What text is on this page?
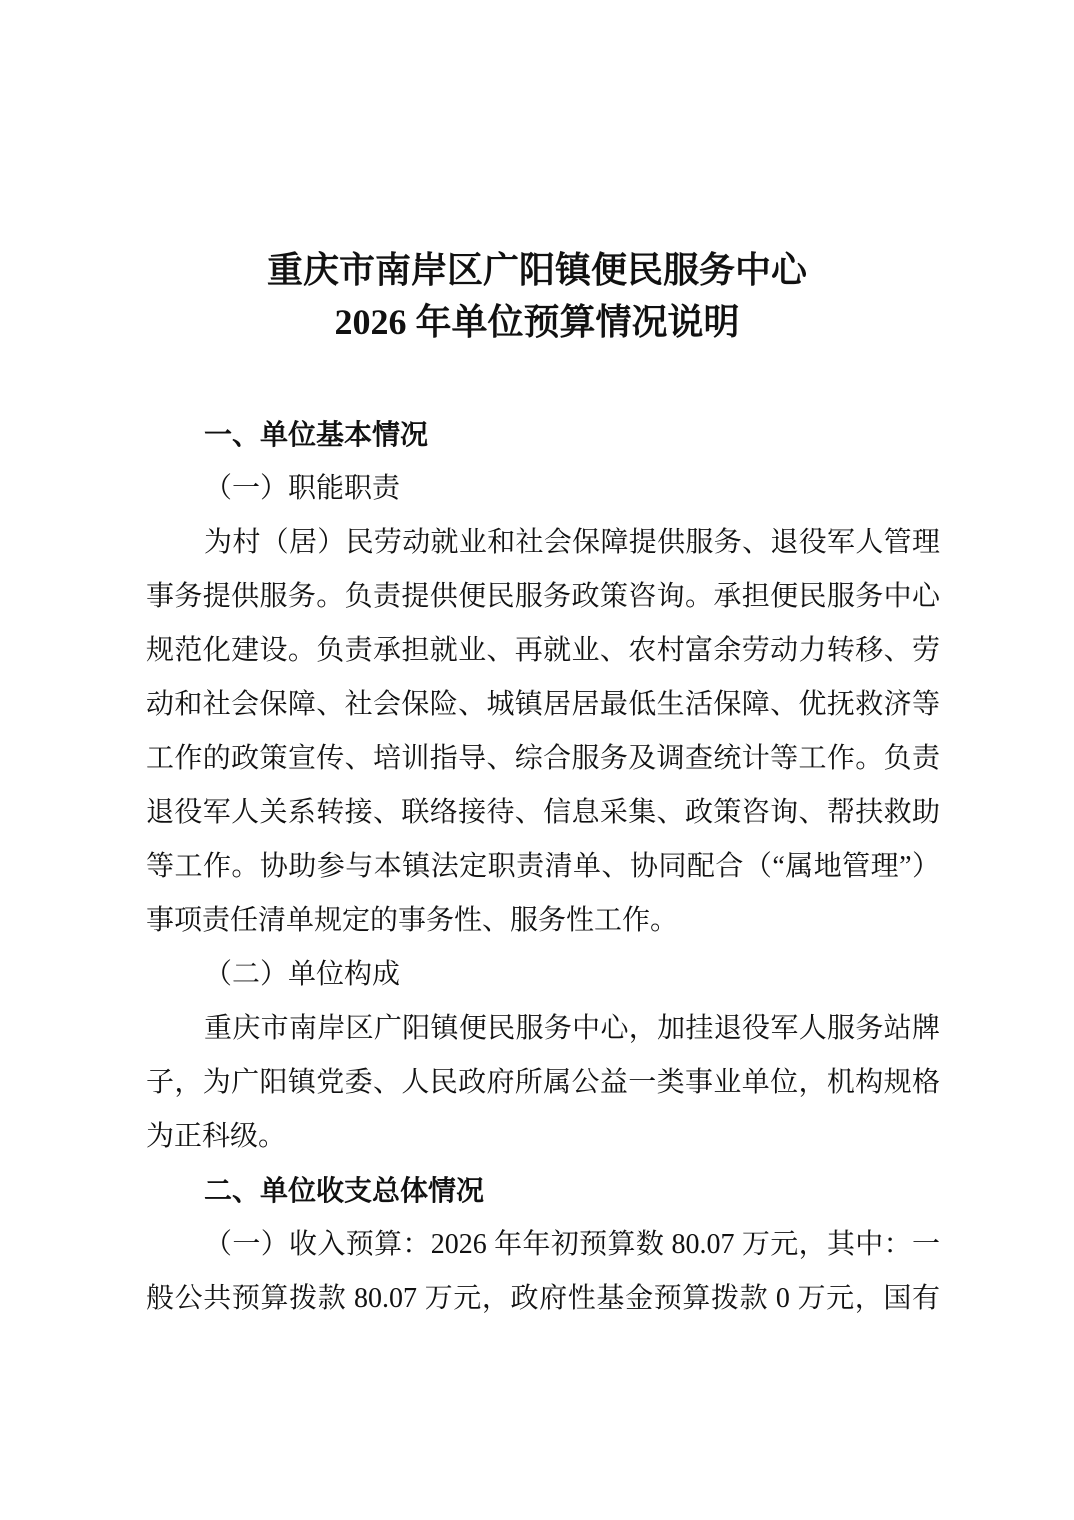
重庆市南岸区广阳镇便民服务中心
2026 年单位预算情况说明
一、单位基本情况
（一）职能职责
为村（居）民劳动就业和社会保障提供服务、退役军人管理
事务提供服务。负责提供便民服务政策咨询。承担便民服务中心
规范化建设。负责承担就业、再就业、农村富余劳动力转移、劳
动和社会保障、社会保险、城镇居居最低生活保障、优抚救济等
工作的政策宣传、培训指导、综合服务及调查统计等工作。负责
退役军人关系转接、联络接待、信息采集、政策咨询、帮扶救助
等工作。协助参与本镇法定职责清单、协同配合（“属地管理”）
事项责任清单规定的事务性、服务性工作。
（二）单位构成
重庆市南岸区广阳镇便民服务中心，加挂退役军人服务站牌
子，为广阳镇党委、人民政府所属公益一类事业单位，机构规格
为正科级。
二、单位收支总体情况
（一）收入预算：2026 年年初预算数 80.07 万元，其中：一
般公共预算拨款 80.07 万元，政府性基金预算拨款 0 万元，国有
